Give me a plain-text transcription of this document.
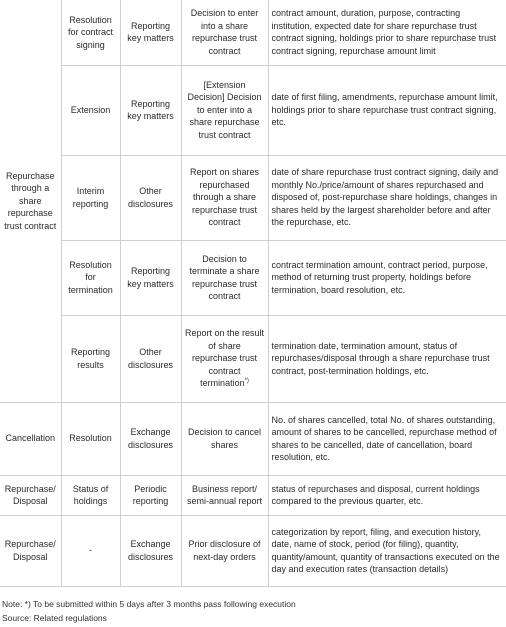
Repurchase through a share repurchase trust contract	Resolution for contract signing	Reporting key matters	Decision to enter into a share repurchase trust contract	contract amount, duration, purpose, contracting institution, expected date for share repurchase trust contract signing, holdings prior to share repurchase trust contract signing, repurchase amount limit
	Extension	Reporting key matters	[Extension Decision] Decision to enter into a share repurchase trust contract	date of first filing, amendments, repurchase amount limit, holdings prior to share repurchase trust contract signing, etc.
	Interim reporting	Other disclosures	Report on shares repurchased through a share repurchase trust contract	date of share repurchase trust contract signing, daily and monthly No./price/amount of shares repurchased and disposed of, post-repurchase share holdings, changes in shares held by the largest shareholder before and after the repurchase, etc.
	Resolution for termination	Reporting key matters	Decision to terminate a share repurchase trust contract	contract termination amount, contract period, purpose, method of returning trust property, holdings before termination, board resolution, etc.
	Reporting results	Other disclosures	Report on the result of share repurchase trust contract termination*)	termination date, termination amount, status of repurchases/disposal through a share repurchase trust contract, post-termination holdings, etc.
Cancellation	Resolution	Exchange disclosures	Decision to cancel shares	No. of shares cancelled, total No. of shares outstanding, amount of shares to be cancelled, repurchase method of shares to be cancelled, date of cancellation, board resolution, etc.
Repurchase/ Disposal	Status of holdings	Periodic reporting	Business report/ semi-annual report	status of repurchases and disposal, current holdings compared to the previous quarter, etc.
Repurchase/ Disposal	-	Exchange disclosures	Prior disclosure of next-day orders	categorization by report, filing, and execution history, date, name of stock, period (for filing), quantity, quantity/amount, quantity of transactions executed on the day and execution rates (transaction details)
Note: *) To be submitted within 5 days after 3 months pass following execution
Source: Related regulations
